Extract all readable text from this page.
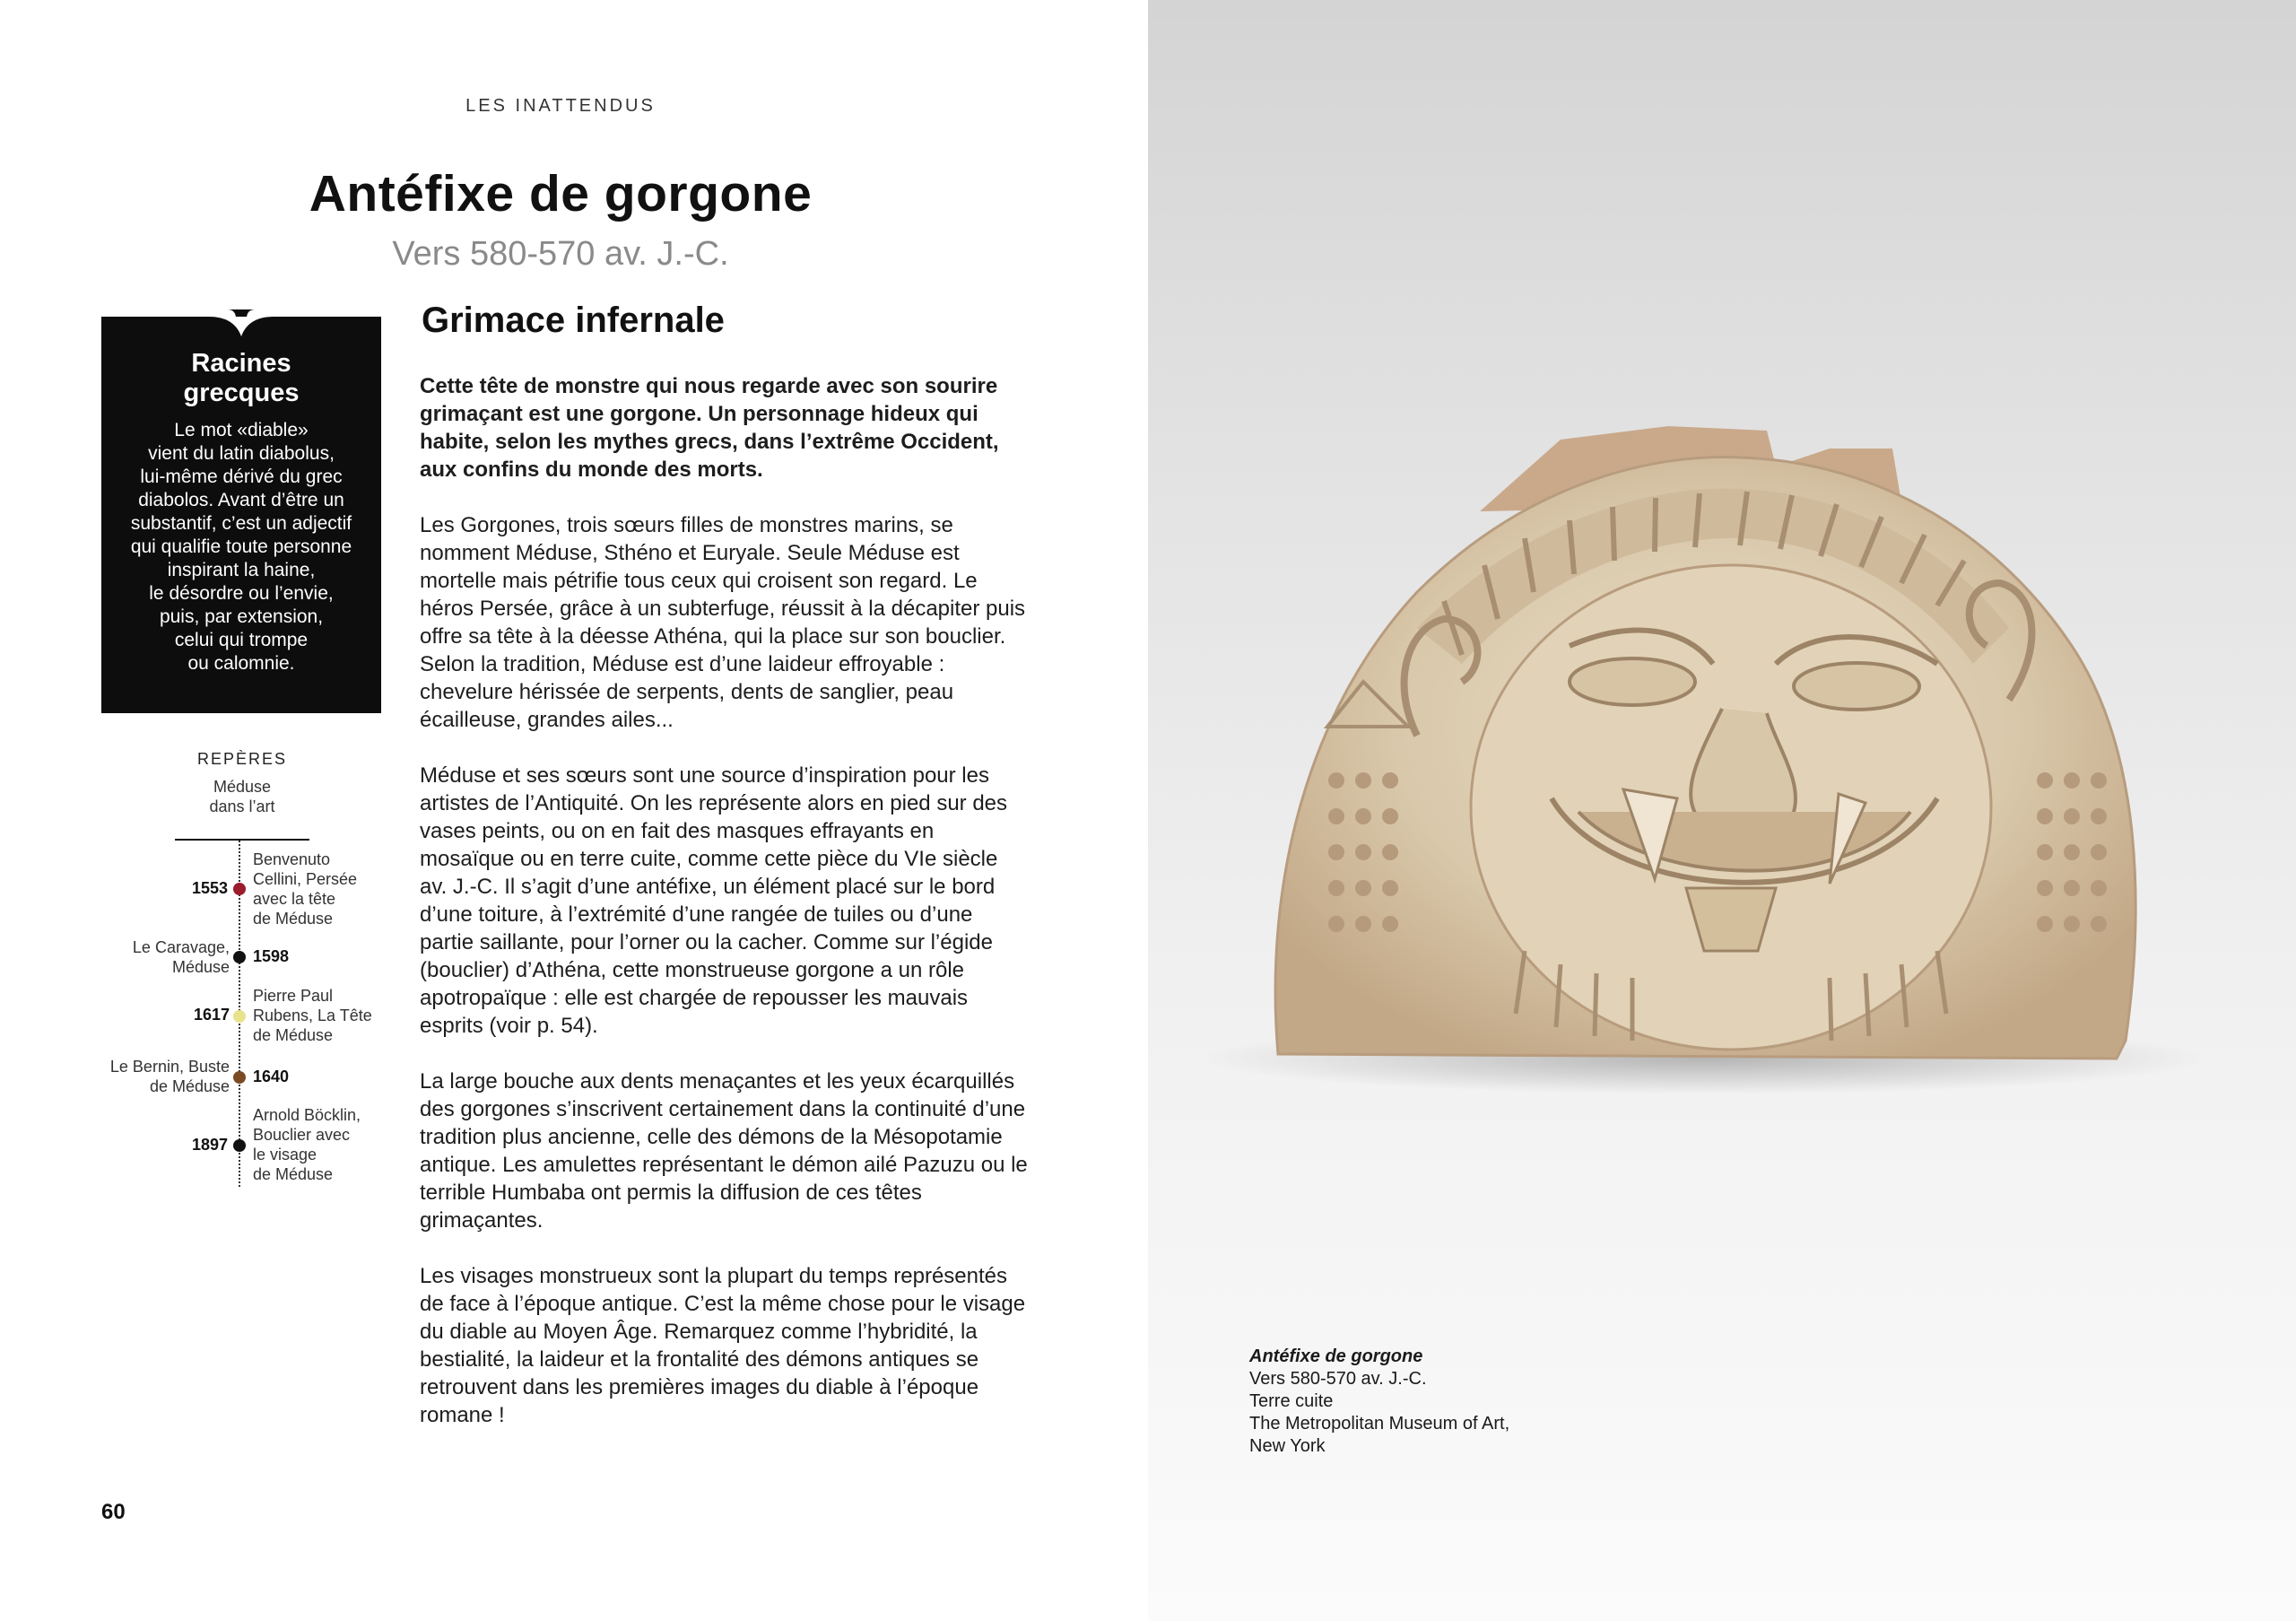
LES INATTENDUS
Antéfixe de gorgone
Vers 580-570 av. J.-C.
Racines
grecques
Le mot «diable»
vient du latin diabolus,
lui-même dérivé du grec
diabolos. Avant d’être un
substantif, c’est un adjectif
qui qualifie toute personne
inspirant la haine,
le désordre ou l’envie,
puis, par extension,
celui qui trompe
ou calomnie.
REPÈRES
Méduse
dans l’art
1553
Benvenuto
Cellini, Persée
avec la tête
de Méduse
1598
Le Caravage,
Méduse
1617
Pierre Paul
Rubens, La Tête
de Méduse
1640
Le Bernin, Buste
de Méduse
1897
Arnold Böcklin,
Bouclier avec
le visage
de Méduse
Grimace infernale

Cette tête de monstre qui nous regarde avec son sourire grimaçant est une gorgone. Un personnage hideux qui habite, selon les mythes grecs, dans l’extrême Occident, aux confins du monde des morts.

Les Gorgones, trois sœurs filles de monstres marins, se nomment Méduse, Sthéno et Euryale. Seule Méduse est mortelle mais pétrifie tous ceux qui croisent son regard. Le héros Persée, grâce à un subterfuge, réussit à la décapiter puis offre sa tête à la déesse Athéna, qui la place sur son bouclier. Selon la tradition, Méduse est d’une laideur effroyable : chevelure hérissée de serpents, dents de sanglier, peau écailleuse, grandes ailes...

Méduse et ses sœurs sont une source d’inspiration pour les artistes de l’Antiquité. On les représente alors en pied sur des vases peints, ou on en fait des masques effrayants en mosaïque ou en terre cuite, comme cette pièce du VIe siècle av. J.-C. Il s’agit d’une antéfixe, un élément placé sur le bord d’une toiture, à l’extrémité d’une rangée de tuiles ou d’une partie saillante, pour l’orner ou la cacher. Comme sur l’égide (bouclier) d’Athéna, cette monstrueuse gorgone a un rôle apotropaïque : elle est chargée de repousser les mauvais esprits (voir p. 54).

La large bouche aux dents menaçantes et les yeux écarquillés des gorgones s’inscrivent certainement dans la continuité d’une tradition plus ancienne, celle des démons de la Mésopotamie antique. Les amulettes représentant le démon ailé Pazuzu ou le terrible Humbaba ont permis la diffusion de ces têtes grimaçantes.

Les visages monstrueux sont la plupart du temps représentés de face à l’époque antique. C’est la même chose pour le visage du diable au Moyen Âge. Remarquez comme l’hybridité, la bestialité, la laideur et la frontalité des démons antiques se retrouvent dans les premières images du diable à l’époque romane !

60
Antéfixe de gorgone
Vers 580-570 av. J.-C.
Terre cuite
The Metropolitan Museum of Art,
New York
